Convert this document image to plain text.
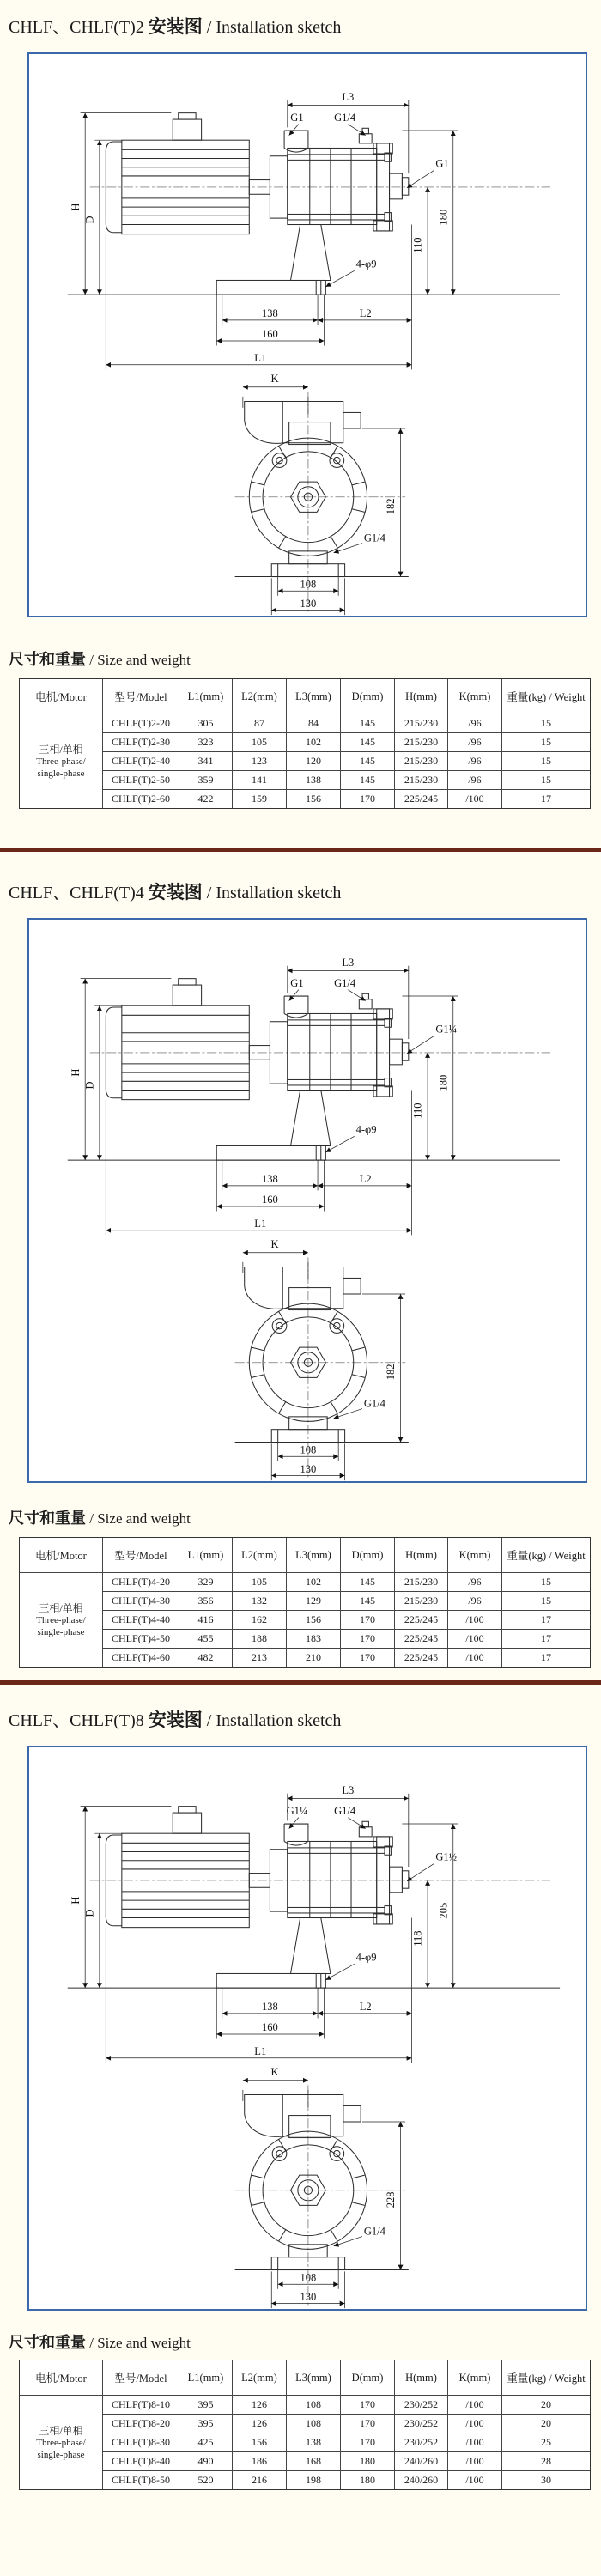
CHLF、CHLF(T)2 安装图 / Installation sketch
L3
G1	G1/4
G1
110
180
H
D
4-φ9
138	L2
160
L1
K
182
G1/4
108
130
尺寸和重量 / Size and weight
电机/Motor	型号/Model	L1(mm)	L2(mm)	L3(mm)	D(mm)	H(mm)	K(mm)	重量(kg) / Weight
三相/单相
Three-phase/
single-phase
CHLF(T)2-20	305	87	84	145	215/230	/96	15
CHLF(T)2-30	323	105	102	145	215/230	/96	15
CHLF(T)2-40	341	123	120	145	215/230	/96	15
CHLF(T)2-50	359	141	138	145	215/230	/96	15
CHLF(T)2-60	422	159	156	170	225/245	/100	17
CHLF、CHLF(T)4 安装图 / Installation sketch
L3
G1	G1/4
G1¼
110
180
H
D
4-φ9
138	L2
160
L1
K
182
G1/4
108
130
尺寸和重量 / Size and weight
电机/Motor	型号/Model	L1(mm)	L2(mm)	L3(mm)	D(mm)	H(mm)	K(mm)	重量(kg) / Weight
三相/单相
Three-phase/
single-phase
CHLF(T)4-20	329	105	102	145	215/230	/96	15
CHLF(T)4-30	356	132	129	145	215/230	/96	15
CHLF(T)4-40	416	162	156	170	225/245	/100	17
CHLF(T)4-50	455	188	183	170	225/245	/100	17
CHLF(T)4-60	482	213	210	170	225/245	/100	17
CHLF、CHLF(T)8 安装图 / Installation sketch
L3
G1¼ G1/4
G1½
118
205
H
D
4-φ9
138	L2
160
L1
K
228
G1/4
108
130
尺寸和重量 / Size and weight
电机/Motor	型号/Model	L1(mm)	L2(mm)	L3(mm)	D(mm)	H(mm)	K(mm)	重量(kg) / Weight
三相/单相
Three-phase/
single-phase
CHLF(T)8-10	395	126	108	170	230/252	/100	20
CHLF(T)8-20	395	126	108	170	230/252	/100	20
CHLF(T)8-30	425	156	138	170	230/252	/100	25
CHLF(T)8-40	490	186	168	180	240/260	/100	28
CHLF(T)8-50	520	216	198	180	240/260	/100	30
